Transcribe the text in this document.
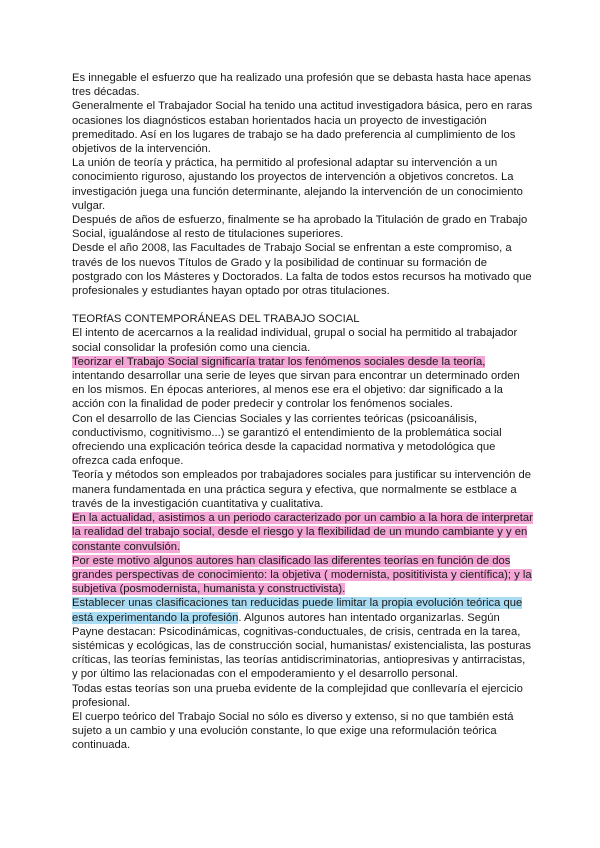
Es innegable el esfuerzo que ha realizado una profesión que se debasta hasta hace apenas tres décadas.

Generalmente el Trabajador Social ha tenido una actitud investigadora básica, pero en raras ocasiones los diagnósticos estaban horientados hacia un proyecto de investigación premeditado. Así en los lugares de trabajo se ha dado preferencia al cumplimiento de los objetivos de la intervención.

La unión de teoría y práctica, ha permitido al profesional adaptar su intervención a un conocimiento riguroso, ajustando los proyectos de intervención a objetivos concretos. La investigación juega una función determinante, alejando la intervención de un conocimiento vulgar.

Después de años de esfuerzo, finalmente se ha aprobado la Titulación de grado en Trabajo Social, igualándose al resto de titulaciones superiores.

Desde el año 2008, las Facultades de Trabajo Social se enfrentan a este compromiso, a través de los nuevos Títulos de Grado y la posibilidad de continuar su formación de postgrado con los Másteres y Doctorados. La falta de todos estos recursos ha motivado que profesionales y estudiantes hayan optado por otras titulaciones.

TEORfAS CONTEMPORÁNEAS DEL TRABAJO SOCIAL

El intento de acercarnos a la realidad individual, grupal o social ha permitido al trabajador social consolidar la profesión como una ciencia.

Teorizar el Trabajo Social significaría tratar los fenómenos sociales desde la teoría, intentando desarrollar una serie de leyes que sirvan para encontrar un determinado orden en los mismos. En épocas anteriores, al menos ese era el objetivo: dar significado a la acción con la finalidad de poder predecir y controlar los fenómenos sociales.

Con el desarrollo de las Ciencias Sociales y las corrientes teóricas (psicoanálisis, conductivismo, cognitivismo...) se garantizó el entendimiento de la problemática social ofreciendo una explicación teórica desde la capacidad normativa y metodológica que ofrezca cada enfoque.

Teoría y métodos son empleados por trabajadores sociales para justificar su intervención de manera fundamentada en una práctica segura y efectiva, que normalmente se estblace a través de la investigación cuantitativa y cualitativa.

En la actualidad, asistimos a un periodo caracterizado por un cambio a la hora de interpretar la realidad del trabajo social, desde el riesgo y la flexibilidad de un mundo cambiante y y en constante convulsión.

Por este motivo algunos autores han clasificado las diferentes teorías en función de dos grandes perspectivas de conocimiento: la objetiva ( modernista, posititivista y científica); y la subjetiva (posmodernista, humanista y constructivista).

Establecer unas clasificaciones tan reducidas puede limitar la propia evolución teórica que está experimentando la profesión. Algunos autores han intentado organizarlas. Según Payne destacan: Psicodinámicas, cognitivas-conductuales, de crisis, centrada en la tarea, sistémicas y ecológicas, las de construcción social, humanistas/ existencialista, las posturas críticas, las teorías feministas, las teorías antidiscriminatorias, antiopresivas y antirracistas, y por último las relacionadas con el empoderamiento y el desarrollo personal.

Todas estas teorías son una prueba evidente de la complejidad que conllevaría el ejercicio profesional.

El cuerpo teórico del Trabajo Social no sólo es diverso y extenso, si no que también está sujeto a un cambio y una evolución constante, lo que exige una reformulación teórica continuada.
